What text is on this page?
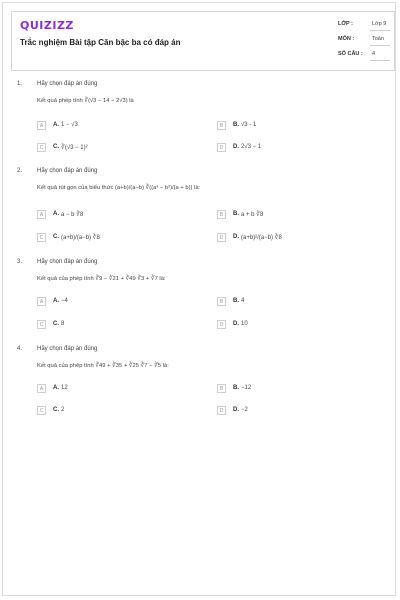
QUIZIZZ
Trắc nghiệm Bài tập Căn bậc ba có đáp án
LỚP :	Lớp 9
MÔN :	Toán
SỐ CÂU : 4
1. Hãy chọn đáp án đúng
Kết quả phép tính ∛(√3 − 14 − 2√3) là
A	A. 1 − √3	B	B. √3 - 1
C	C. ∛(√3 − 1)²	D	D. 2√3 − 1
2. Hãy chọn đáp án đúng
Kết quả rút gọn của biểu thức (a+b)/(a−b) ∛((a³ − b³)/(a + b)) là:
A	A. a − b ∛8	B	B. a + b ∛8
C	C. (a+b)/(a−b) ∛8	D	D. (a+b)²/(a−b) ∛8
3. Hãy chọn đáp án đúng
Kết quả của phép tính ∛9 − ∛21 + ∛49 ∛3 + ∛7 là:
A	A. −4	B	B. 4
C	C. 8	D	D. 10
4. Hãy chọn đáp án đúng
Kết quả của phép tính ∛49 + ∛35 + ∛25 ∛7 − ∛5 là:
A	A. 12	B	B. −12
C	C. 2	D	D. −2
